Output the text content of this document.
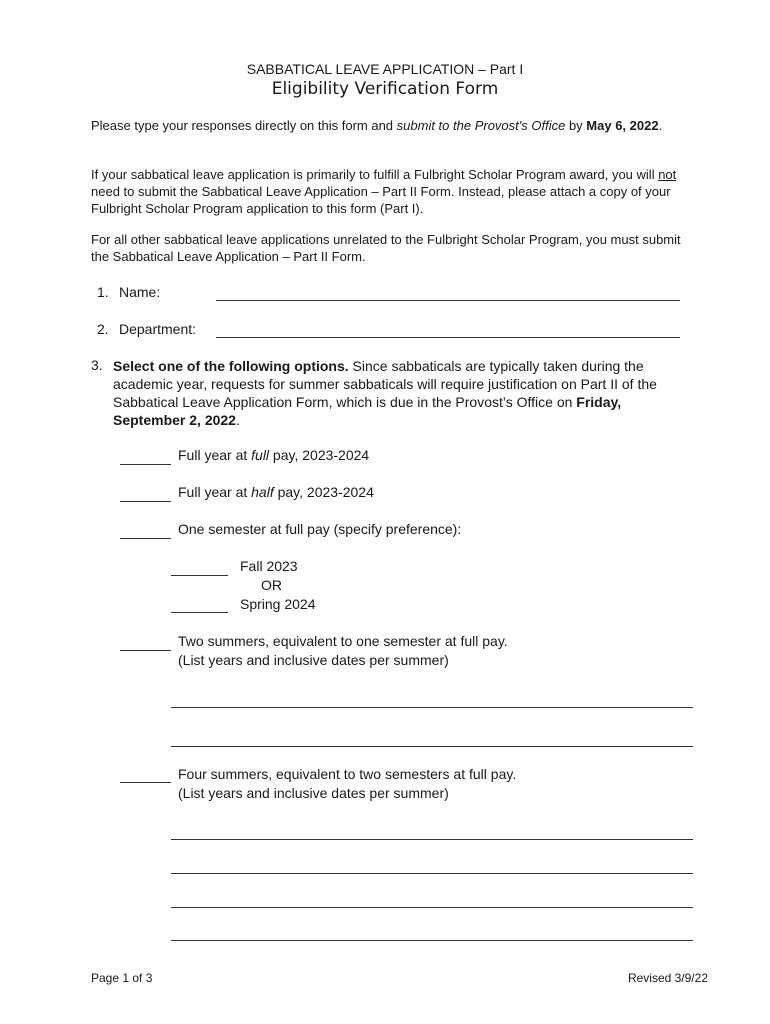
SABBATICAL LEAVE APPLICATION – Part I
Eligibility Verification Form
Please type your responses directly on this form and submit to the Provost's Office by May 6, 2022.
If your sabbatical leave application is primarily to fulfill a Fulbright Scholar Program award, you will not need to submit the Sabbatical Leave Application – Part II Form. Instead, please attach a copy of your Fulbright Scholar Program application to this form (Part I).
For all other sabbatical leave applications unrelated to the Fulbright Scholar Program, you must submit the Sabbatical Leave Application – Part II Form.
1. Name:
2. Department:
3. Select one of the following options. Since sabbaticals are typically taken during the academic year, requests for summer sabbaticals will require justification on Part II of the Sabbatical Leave Application Form, which is due in the Provost’s Office on Friday, September 2, 2022.
Full year at full pay, 2023-2024
Full year at half pay, 2023-2024
One semester at full pay (specify preference):
Fall 2023
OR
Spring 2024
Two summers, equivalent to one semester at full pay.
(List years and inclusive dates per summer)
Four summers, equivalent to two semesters at full pay.
(List years and inclusive dates per summer)
Page 1 of 3	Revised 3/9/22
